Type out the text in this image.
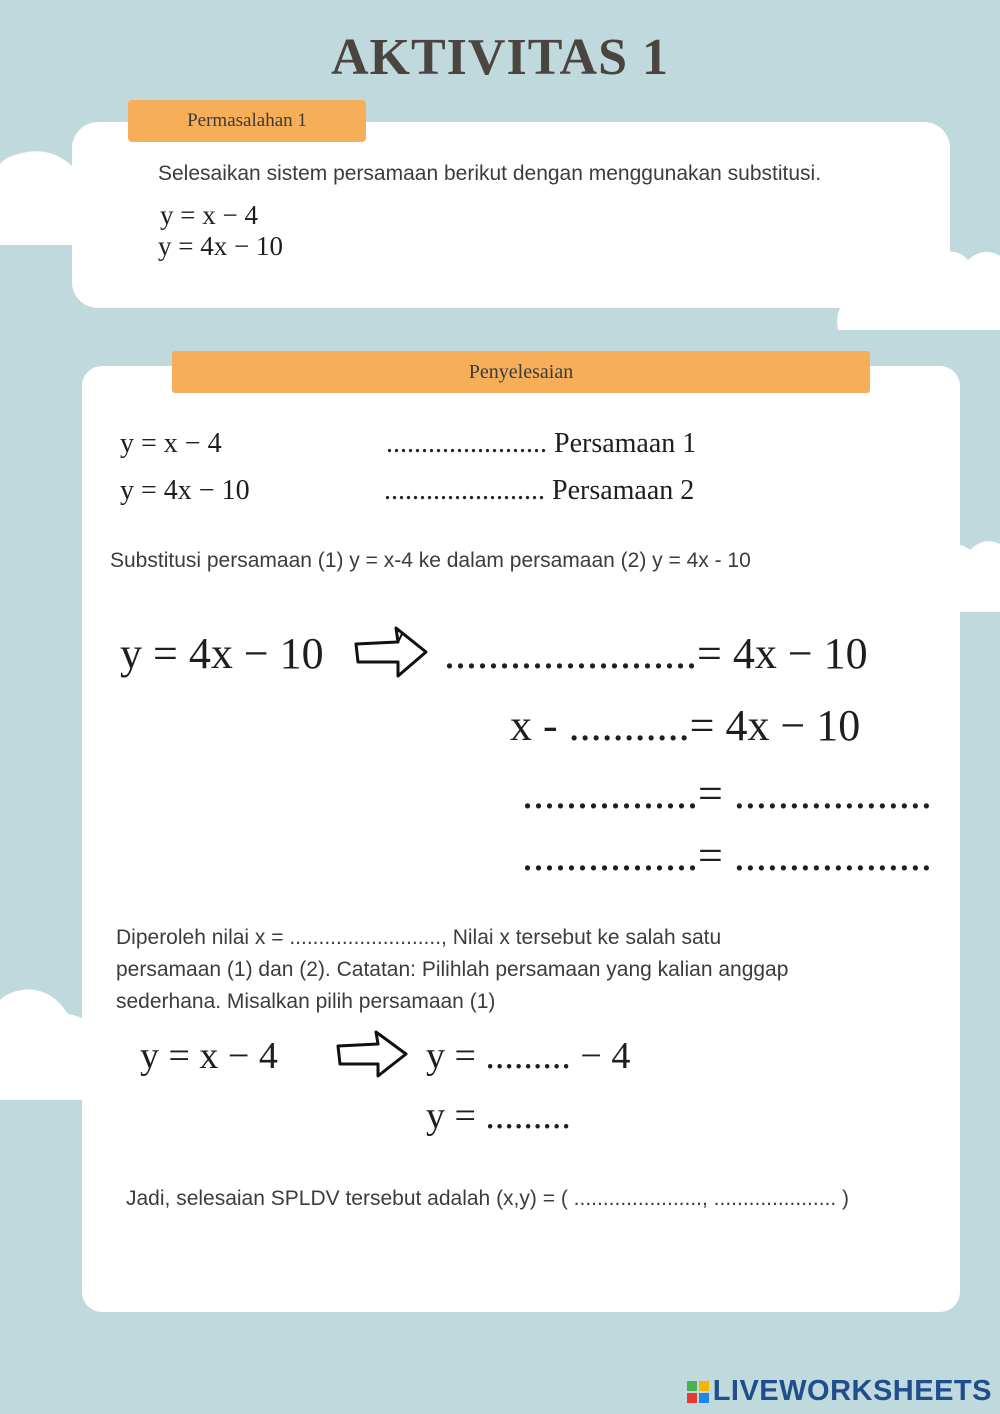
AKTIVITAS 1
Permasalahan 1
Selesaikan sistem persamaan berikut dengan menggunakan substitusi.
y = x − 4
y = 4x − 10
Penyelesaian
y = x − 4	....................... Persamaan 1
y = 4x − 10	....................... Persamaan 2
Substitusi persamaan (1) y = x-4 ke dalam persamaan (2) y = 4x - 10
y = 4x − 10	.......................= 4x − 10
x - ...........= 4x − 10
................= ..................
................= ..................
Diperoleh nilai x = .........................., Nilai x tersebut ke salah satu
persamaan (1) dan (2). Catatan: Pilihlah persamaan yang kalian anggap
sederhana. Misalkan pilih persamaan (1)
y = x − 4	y = ......... − 4
y = .........
Jadi, selesaian SPLDV tersebut adalah (x,y) = ( ......................, ..................... )
LIVEWORKSHEETS
